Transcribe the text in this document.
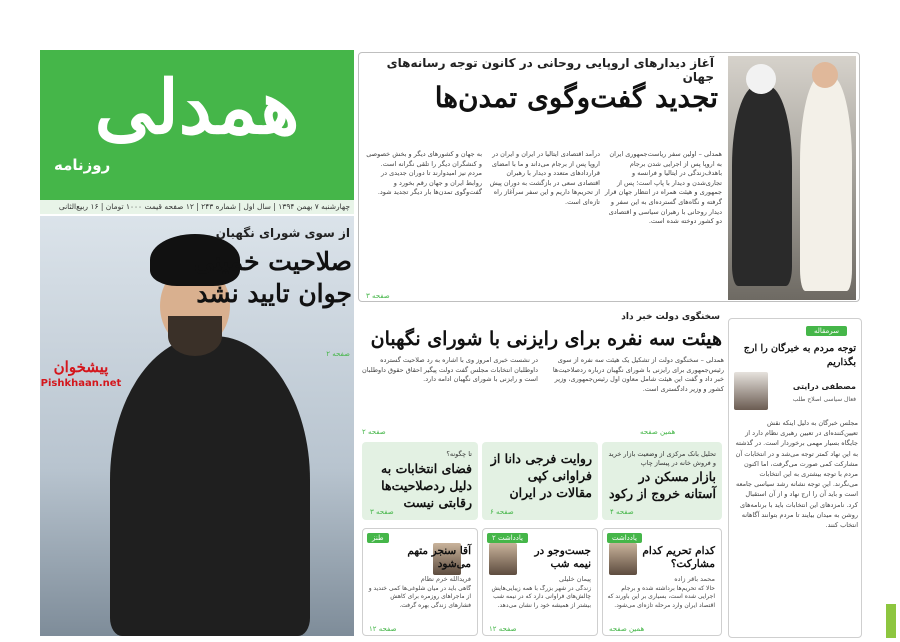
همدلی
روزنامه
چهارشنبه ۷ بهمن ۱۳۹۴ | سال اول | شماره ۲۴۳ | ۱۲ صفحه قیمت ۱۰۰۰ تومان | ۱۶ ربیع‌الثانی
آغاز دیدارهای اروپایی روحانی در کانون توجه رسانه‌های جهان
تجدید گفت‌وگوی تمدن‌ها
همدلی – اولین سفر رياست‌جمهوری ایران به اروپا پس از اجرایی شدن برجام با‌هدف‌زندگی در ایتالیا و فرانسه و تجاری‌شدن و دیدار با پاپ است؛ پس از جمهوری و هیئت همراه در انتظار جهان قرار گرفته و نگاه‌های گسترده‌ای به این سفر و دیدار روحانی با رهبران سیاسی و اقتصادی دو کشور دوخته شده است.
درآمد اقتصادی ایتالیا در ایران و ایران در اروپا پس از برجام می‌داند و ما با امضای قراردادهای متعدد و دیدار با رهبران اقتصادی سعی در بازگشت به دوران پیش از تحریم‌ها داریم و این سفر سرآغاز راه تازه‌ای است.
به جهان و کشورهای دیگر و بخش خصوصی و کنشگران دیگر را تلقی نگرانه است. مردم نیز امیدوارند تا دوران جدیدی در روابط ایران و جهان رقم بخورد و گفت‌وگوی تمدن‌ها بار دیگر تجدید شود.
صفحه ۳
از سوی شورای نگهبان
صلاحیت خمینی جوان تایید نشد
صفحه ۲
پیشخوان
Pishkhaan.net
سخنگوی دولت خبر داد
هیئت سه نفره برای رایزنی با شورای نگهبان
همدلی – سخنگوی دولت از تشکیل یک هیئت سه نفره از سوی رئیس‌جمهوری برای رایزنی با شورای نگهبان درباره ردصلاحیت‌ها خبر داد و گفت این هیئت شامل معاون اول رئیس‌جمهوری، وزیر کشور و وزیر دادگستری است.
در نشست خبری امروز وی با اشاره به رد صلاحیت گسترده داوطلبان انتخابات مجلس گفت دولت پیگیر احقاق حقوق داوطلبان است و رایزنی با شورای نگهبان ادامه دارد.
صفحه ۲	همین صفحه
تحلیل بانک مرکزی از وضعیت بازار خرید و فروش خانه در پیساز چاپ
بازار مسکن در آستانه خروج از رکود
صفحه ۴
روایت فرجی دانا از فراوانی کپی مقالات در ایران
صفحه ۶
تا چگونه؟
فضای انتخابات به دلیل ردصلاحیت‌ها رقابتی نیست
صفحه ۳
یادداشت
کدام تحریم کدام مشارکت؟
محمد باقر زاده
حالا که تحریم‌ها برداشته شده و برجام اجرایی شده است، بسیاری بر این باورند که اقتصاد ایران وارد مرحله تازه‌ای می‌شود.
همین صفحه
یادداشت ۲
جست‌وجو در نیمه شب
پیمان خلیلی
زندگی در شهر بزرگ با همه زیبایی‌هایش چالش‌های فراوانی دارد که در نیمه شب بیشتر از همیشه خود را نشان می‌دهد.
صفحه ۱۲
طنز
آقا سنجر متهم می‌شود
فریدالله خرم نظام
گاهی باید در میان شلوغی‌ها کمی خندید و از ماجراهای روزمره برای کاهش فشارهای زندگی بهره گرفت.
صفحه ۱۲
سرمقاله
توجه مردم به خبرگان را ارج بگذاریم
مصطفی درایتی
فعال سیاسی اصلاح طلب
مجلس خبرگان به دلیل اینکه نقش تعیین‌کننده‌ای در تعیین رهبری نظام دارد از جایگاه بسیار مهمی برخوردار است. در گذشته به این نهاد کمتر توجه می‌شد و در انتخابات آن مشارکت کمی صورت می‌گرفت، اما اکنون مردم با توجه بیشتری به این انتخابات می‌نگرند. این توجه نشانه رشد سیاسی جامعه است و باید آن را ارج نهاد و از آن استقبال کرد. نامزدهای این انتخابات باید با برنامه‌های روشن به میدان بیایند تا مردم بتوانند آگاهانه انتخاب کنند.
